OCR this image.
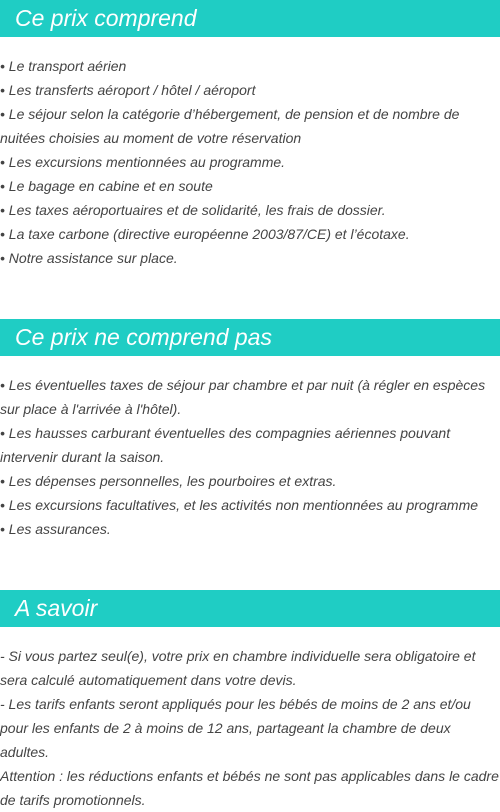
Ce prix comprend

• Le transport aérien

• Les transferts aéroport / hôtel / aéroport

• Le séjour selon la catégorie d’hébergement, de pension et de nombre de nuitées choisies au moment de votre réservation

• Les excursions mentionnées au programme.

• Le bagage en cabine et en soute

• Les taxes aéroportuaires et de solidarité, les frais de dossier.

• La taxe carbone (directive européenne 2003/87/CE) et l’écotaxe.

• Notre assistance sur place.

Ce prix ne comprend pas

• Les éventuelles taxes de séjour par chambre et par nuit (à régler en espèces sur place à l'arrivée à l'hôtel).

• Les hausses carburant éventuelles des compagnies aériennes pouvant intervenir durant la saison.

• Les dépenses personnelles, les pourboires et extras.

• Les excursions facultatives, et les activités non mentionnées au programme

• Les assurances.

A savoir

- Si vous partez seul(e), votre prix en chambre individuelle sera obligatoire et sera calculé automatiquement dans votre devis.

- Les tarifs enfants seront appliqués pour les bébés de moins de 2 ans et/ou pour les enfants de 2 à moins de 12 ans, partageant la chambre de deux adultes.

Attention : les réductions enfants et bébés ne sont pas applicables dans le cadre de tarifs promotionnels.
